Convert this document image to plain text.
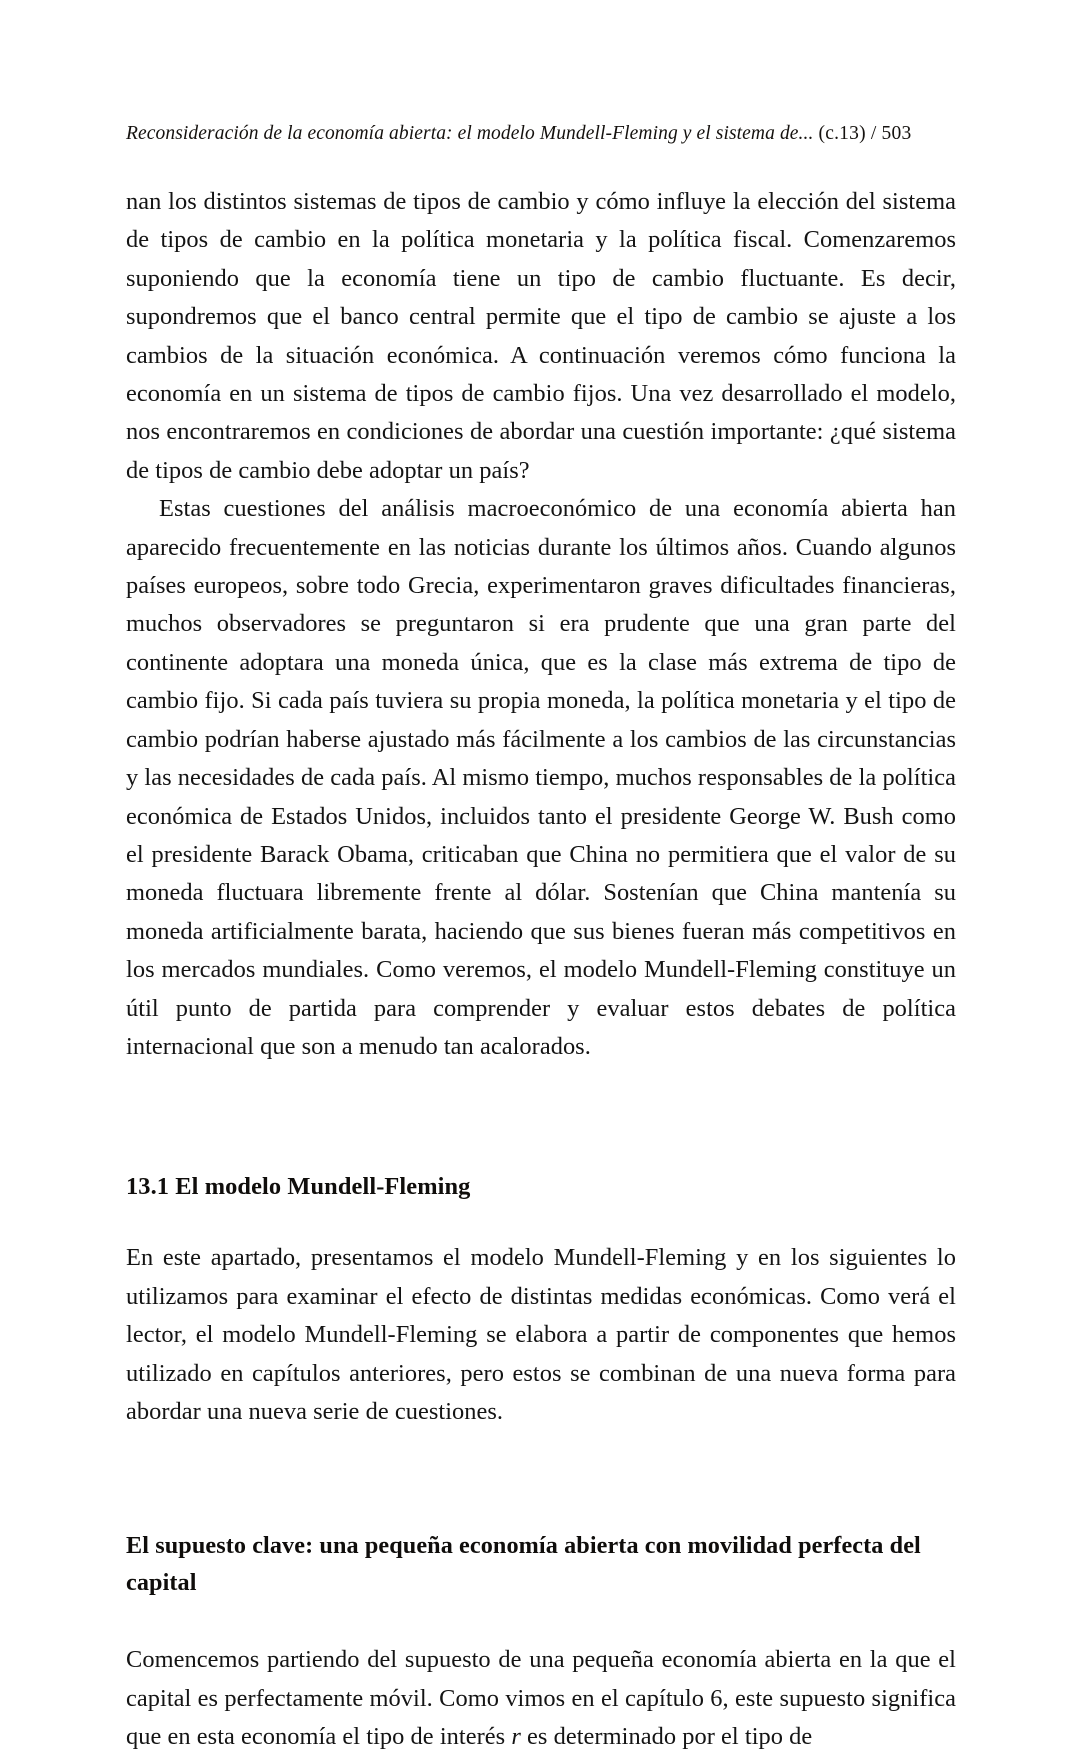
Reconsideración de la economía abierta: el modelo Mundell-Fleming y el sistema de... (c.13) / 503

nan los distintos sistemas de tipos de cambio y cómo influye la elección del sistema de tipos de cambio en la política monetaria y la política fiscal. Comenzaremos suponiendo que la economía tiene un tipo de cambio fluctuante. Es decir, supondremos que el banco central permite que el tipo de cambio se ajuste a los cambios de la situación económica. A continuación veremos cómo funciona la economía en un sistema de tipos de cambio fijos. Una vez desarrollado el modelo, nos encontraremos en condiciones de abordar una cuestión importante: ¿qué sistema de tipos de cambio debe adoptar un país?

Estas cuestiones del análisis macroeconómico de una economía abierta han aparecido frecuentemente en las noticias durante los últimos años. Cuando algunos países europeos, sobre todo Grecia, experimentaron graves dificultades financieras, muchos observadores se preguntaron si era prudente que una gran parte del continente adoptara una moneda única, que es la clase más extrema de tipo de cambio fijo. Si cada país tuviera su propia moneda, la política monetaria y el tipo de cambio podrían haberse ajustado más fácilmente a los cambios de las circunstancias y las necesidades de cada país. Al mismo tiempo, muchos responsables de la política económica de Estados Unidos, incluidos tanto el presidente George W. Bush como el presidente Barack Obama, criticaban que China no permitiera que el valor de su moneda fluctuara libremente frente al dólar. Sostenían que China mantenía su moneda artificialmente barata, haciendo que sus bienes fueran más competitivos en los mercados mundiales. Como veremos, el modelo Mundell-Fleming constituye un útil punto de partida para comprender y evaluar estos debates de política internacional que son a menudo tan acalorados.

13.1 El modelo Mundell-Fleming

En este apartado, presentamos el modelo Mundell-Fleming y en los siguientes lo utilizamos para examinar el efecto de distintas medidas económicas. Como verá el lector, el modelo Mundell-Fleming se elabora a partir de componentes que hemos utilizado en capítulos anteriores, pero estos se combinan de una nueva forma para abordar una nueva serie de cuestiones.

El supuesto clave: una pequeña economía abierta con movilidad perfecta del capital

Comencemos partiendo del supuesto de una pequeña economía abierta en la que el capital es perfectamente móvil. Como vimos en el capítulo 6, este supuesto significa que en esta economía el tipo de interés r es determinado por el tipo de
